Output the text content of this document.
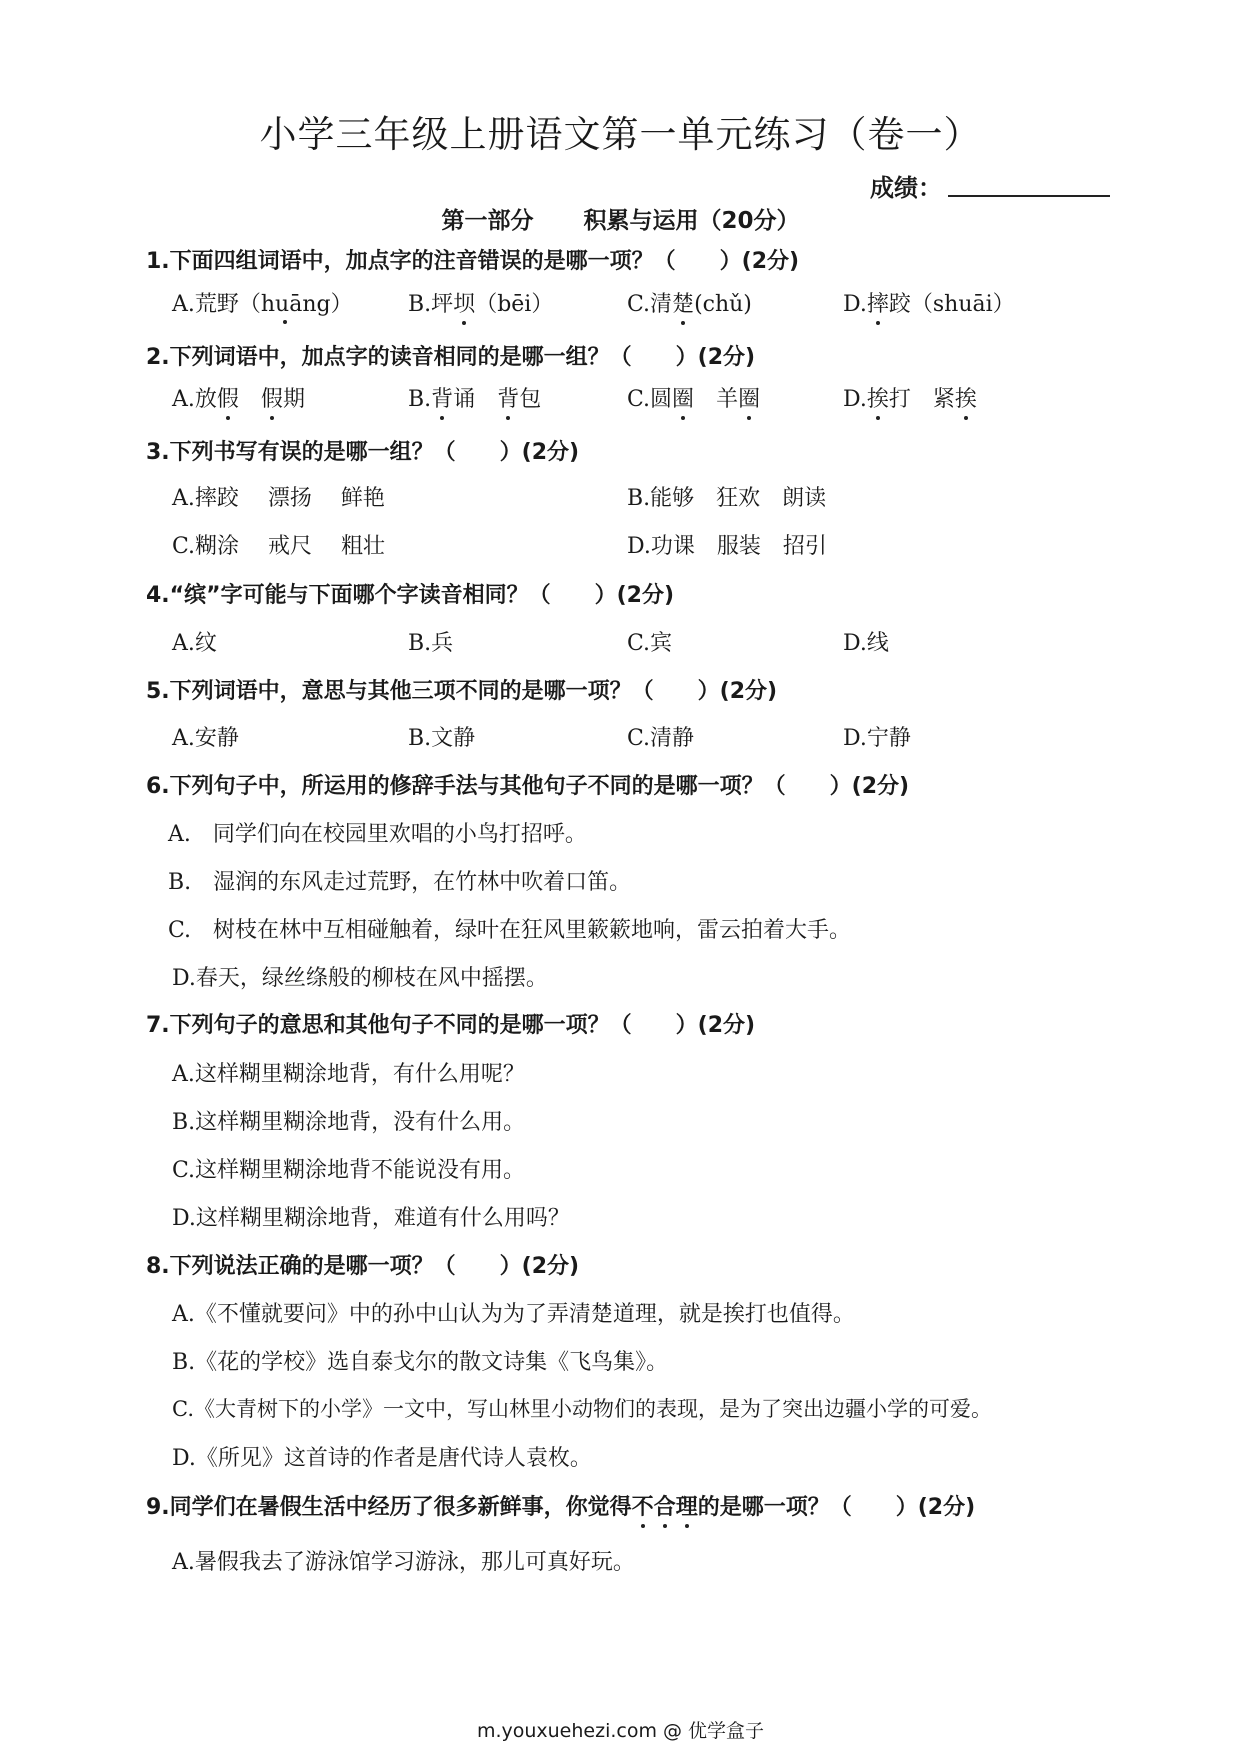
小学三年级上册语文第一单元练习（卷一）
成绩：
第一部分 积累与运用（20分）
1.下面四组词语中，加点字的注音错误的是哪一项？（　　）(2分)
A.荒野（huāng）	B.坪坝（bēi）	C.清楚(chǔ)	D.摔跤（shuāi）
2.下列词语中，加点字的读音相同的是哪一组？（　　）(2分)
A.放假　 假期	B.背诵　背包	C.圆圈　羊圈	D.挨打　紧挨
3.下列书写有误的是哪一组？（　　）(2分)
A.摔跤　 漂扬　 鲜艳	B.能够　狂欢　朗读
C.糊涂　 戒尺　 粗壮	D.功课　服装　招引
4.“缤”字可能与下面哪个字读音相同？（　　）(2分)
A.纹	B.兵	C.宾	D.线
5.下列词语中，意思与其他三项不同的是哪一项？（　　）(2分)
A.安静	B.文静	C.清静	D.宁静
6.下列句子中，所运用的修辞手法与其他句子不同的是哪一项？（　　）(2分)
A.　同学们向在校园里欢唱的小鸟打招呼。
B.　湿润的东风走过荒野，在竹林中吹着口笛。
C.　树枝在林中互相碰触着，绿叶在狂风里簌簌地响，雷云拍着大手。
D.春天，绿丝绦般的柳枝在风中摇摆。
7.下列句子的意思和其他句子不同的是哪一项？（　　）(2分)
A.这样糊里糊涂地背，有什么用呢？
B.这样糊里糊涂地背，没有什么用。
C.这样糊里糊涂地背不能说没有用。
D.这样糊里糊涂地背，难道有什么用吗？
8.下列说法正确的是哪一项？（　　）(2分)
A.《不懂就要问》中的孙中山认为为了弄清楚道理，就是挨打也值得。
B.《花的学校》选自泰戈尔的散文诗集《飞鸟集》。
C.《大青树下的小学》一文中，写山林里小动物们的表现，是为了突出边疆小学的可爱。
D.《所见》这首诗的作者是唐代诗人袁枚。
9.同学们在暑假生活中经历了很多新鲜事，你觉得不合理的是哪一项？（　　）(2分)
A.暑假我去了游泳馆学习游泳，那儿可真好玩。
m.youxuehezi.com @ 优学盒子
